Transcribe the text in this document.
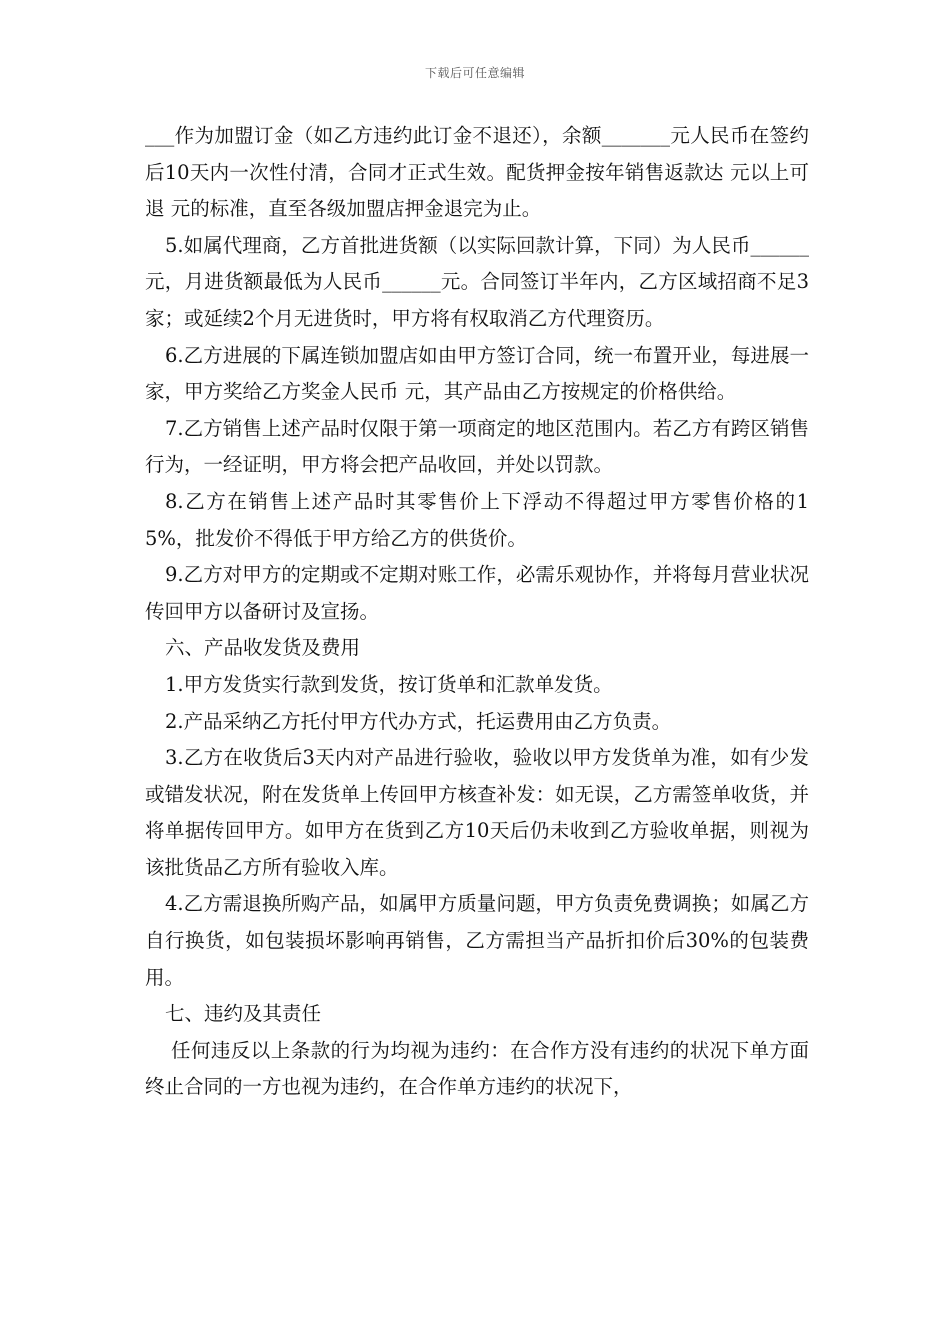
下载后可任意编辑

___作为加盟订金（如乙方违约此订金不退还），余额_______元人民币在签约后10天内一次性付清，合同才正式生效。配货押金按年销售返款达 元以上可退 元的标准，直至各级加盟店押金退完为止。

5.如属代理商，乙方首批进货额（以实际回款计算，下同）为人民币______元，月进货额最低为人民币______元。合同签订半年内，乙方区域招商不足3家；或延续2个月无进货时，甲方将有权取消乙方代理资历。

6.乙方进展的下属连锁加盟店如由甲方签订合同，统一布置开业，每进展一家，甲方奖给乙方奖金人民币 元，其产品由乙方按规定的价格供给。

7.乙方销售上述产品时仅限于第一项商定的地区范围内。若乙方有跨区销售行为，一经证明，甲方将会把产品收回，并处以罚款。

8.乙方在销售上述产品时其零售价上下浮动不得超过甲方零售价格的15%，批发价不得低于甲方给乙方的供货价。

9.乙方对甲方的定期或不定期对账工作，必需乐观协作，并将每月营业状况传回甲方以备研讨及宣扬。

六、产品收发货及费用

1.甲方发货实行款到发货，按订货单和汇款单发货。

2.产品采纳乙方托付甲方代办方式，托运费用由乙方负责。

3.乙方在收货后3天内对产品进行验收，验收以甲方发货单为准，如有少发或错发状况，附在发货单上传回甲方核查补发：如无误，乙方需签单收货，并将单据传回甲方。如甲方在货到乙方10天后仍未收到乙方验收单据，则视为该批货品乙方所有验收入库。

4.乙方需退换所购产品，如属甲方质量问题，甲方负责免费调换；如属乙方自行换货，如包装损坏影响再销售，乙方需担当产品折扣价后30%的包装费用。

七、违约及其责任

任何违反以上条款的行为均视为违约：在合作方没有违约的状况下单方面终止合同的一方也视为违约，在合作单方违约的状况下，
